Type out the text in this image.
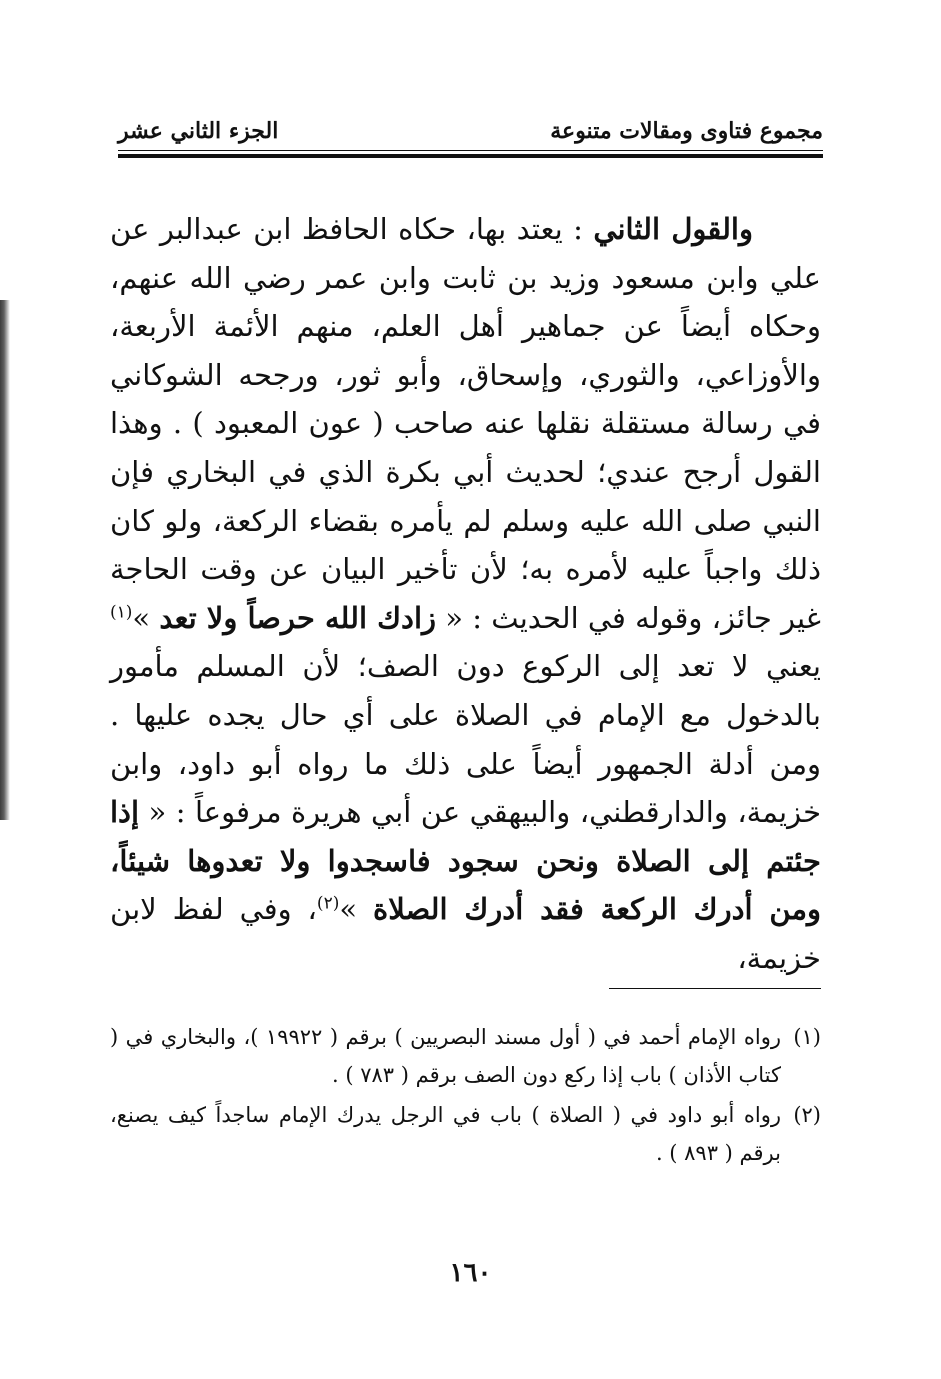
مجموع فتاوى ومقالات متنوعة
الجزء الثاني عشر

والقول الثاني : يعتد بها، حكاه الحافظ ابن عبدالبر عن علي وابن مسعود وزيد بن ثابت وابن عمر رضي الله عنهم، وحكاه أيضاً عن جماهير أهل العلم، منهم الأئمة الأربعة، والأوزاعي، والثوري، وإسحاق، وأبو ثور، ورجحه الشوكاني في رسالة مستقلة نقلها عنه صاحب ( عون المعبود ) . وهذا القول أرجح عندي؛ لحديث أبي بكرة الذي في البخاري فإن النبي صلى الله عليه وسلم لم يأمره بقضاء الركعة، ولو كان ذلك واجباً عليه لأمره به؛ لأن تأخير البيان عن وقت الحاجة غير جائز، وقوله في الحديث : « زادك الله حرصاً ولا تعد »$^{(١)}$ يعني لا تعد إلى الركوع دون الصف؛ لأن المسلم مأمور بالدخول مع الإمام في الصلاة على أي حال يجده عليها . ومن أدلة الجمهور أيضاً على ذلك ما رواه أبو داود، وابن خزيمة، والدارقطني، والبيهقي عن أبي هريرة مرفوعاً : « إذا جئتم إلى الصلاة ونحن سجود فاسجدوا ولا تعدوها شيئاً، ومن أدرك الركعة فقد أدرك الصلاة »$^{(٢)}$، وفي لفظ لابن خزيمة،

(١)
رواه الإمام أحمد في ( أول مسند البصريين ) برقم ( ١٩٩٢٢ )، والبخاري في ( كتاب الأذان ) باب إذا ركع دون الصف برقم ( ٧٨٣ ) .
(٢)
رواه أبو داود في ( الصلاة ) باب في الرجل يدرك الإمام ساجداً كيف يصنع، برقم ( ٨٩٣ ) .
١٦٠
